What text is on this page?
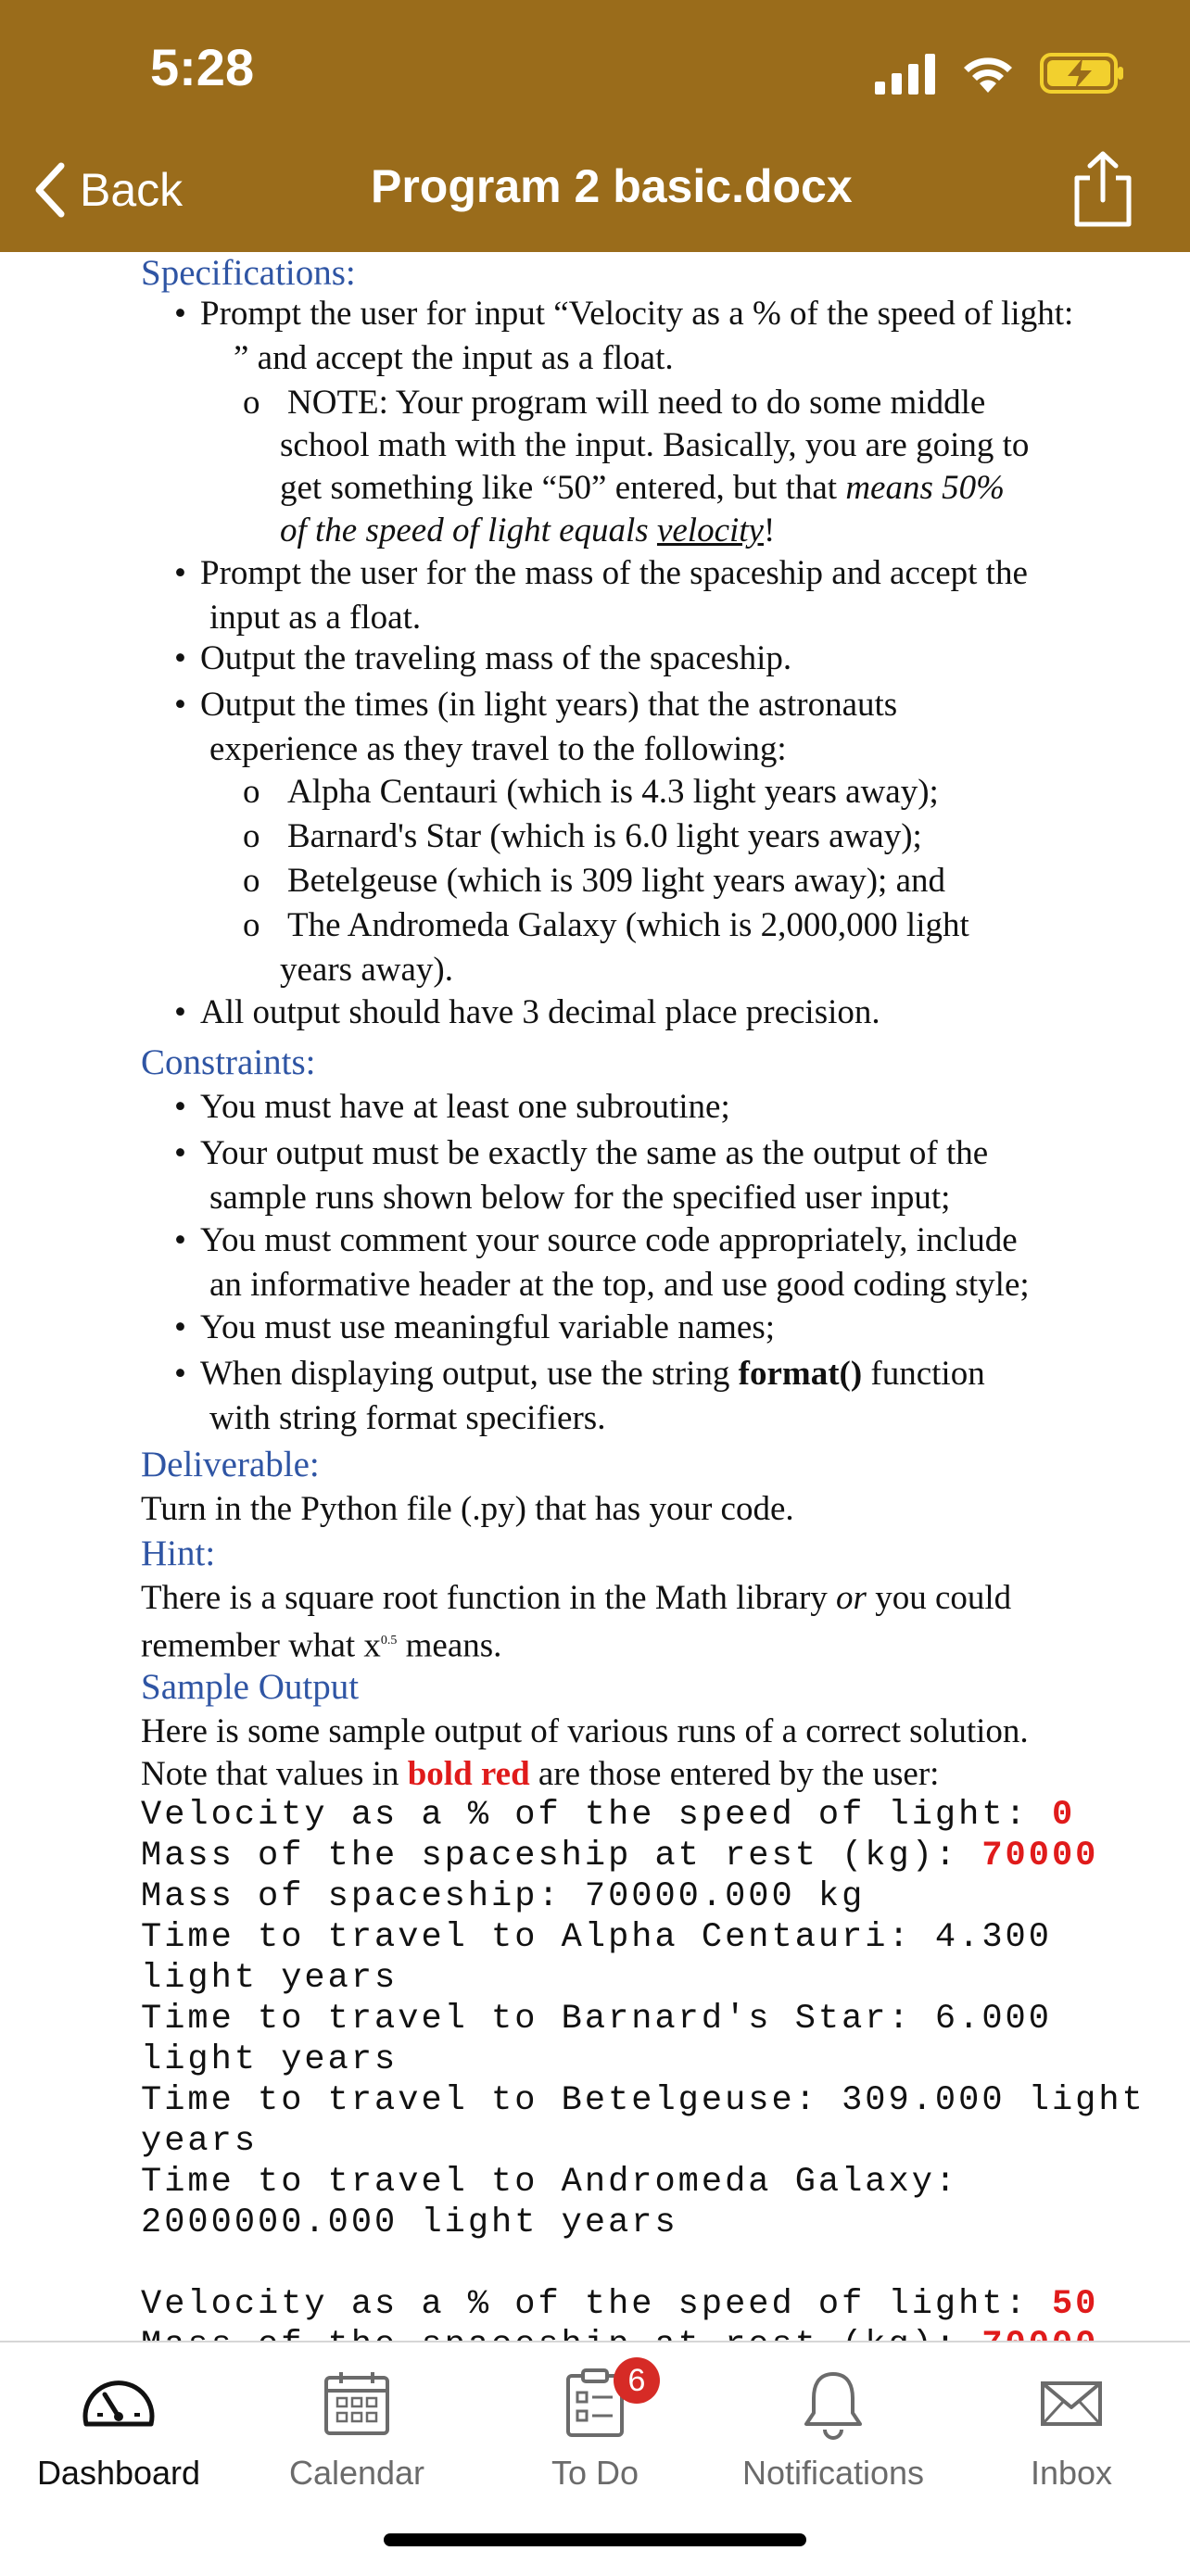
5:28
Back	Program 2 basic.docx
Specifications:
• Prompt the user for input “Velocity as a % of the speed of light:
” and accept the input as a float.
o NOTE: Your program will need to do some middle
school math with the input. Basically, you are going to
get something like “50” entered, but that means 50%
of the speed of light equals velocity!
• Prompt the user for the mass of the spaceship and accept the
input as a float.
• Output the traveling mass of the spaceship.
• Output the times (in light years) that the astronauts
experience as they travel to the following:
o Alpha Centauri (which is 4.3 light years away);
o Barnard's Star (which is 6.0 light years away);
o Betelgeuse (which is 309 light years away); and
o The Andromeda Galaxy (which is 2,000,000 light
years away).
• All output should have 3 decimal place precision.
Constraints:
• You must have at least one subroutine;
• Your output must be exactly the same as the output of the
sample runs shown below for the specified user input;
• You must comment your source code appropriately, include
an informative header at the top, and use good coding style;
• You must use meaningful variable names;
• When displaying output, use the string format() function
with string format specifiers.
Deliverable:
Turn in the Python file (.py) that has your code.
Hint:
There is a square root function in the Math library or you could
remember what $x^{0.5}$ means.
Sample Output
Here is some sample output of various runs of a correct solution.
Note that values in bold red are those entered by the user:
Velocity as a % of the speed of light: 0
Mass of the spaceship at rest (kg): 70000
Mass of spaceship: 70000.000 kg
Time to travel to Alpha Centauri: 4.300
light years
Time to travel to Barnard's Star: 6.000
light years
Time to travel to Betelgeuse: 309.000 light
years
Time to travel to Andromeda Galaxy:
2000000.000 light years
Velocity as a % of the speed of light: 50
Dashboard	Calendar
6
To Do	Notifications	Inbox
